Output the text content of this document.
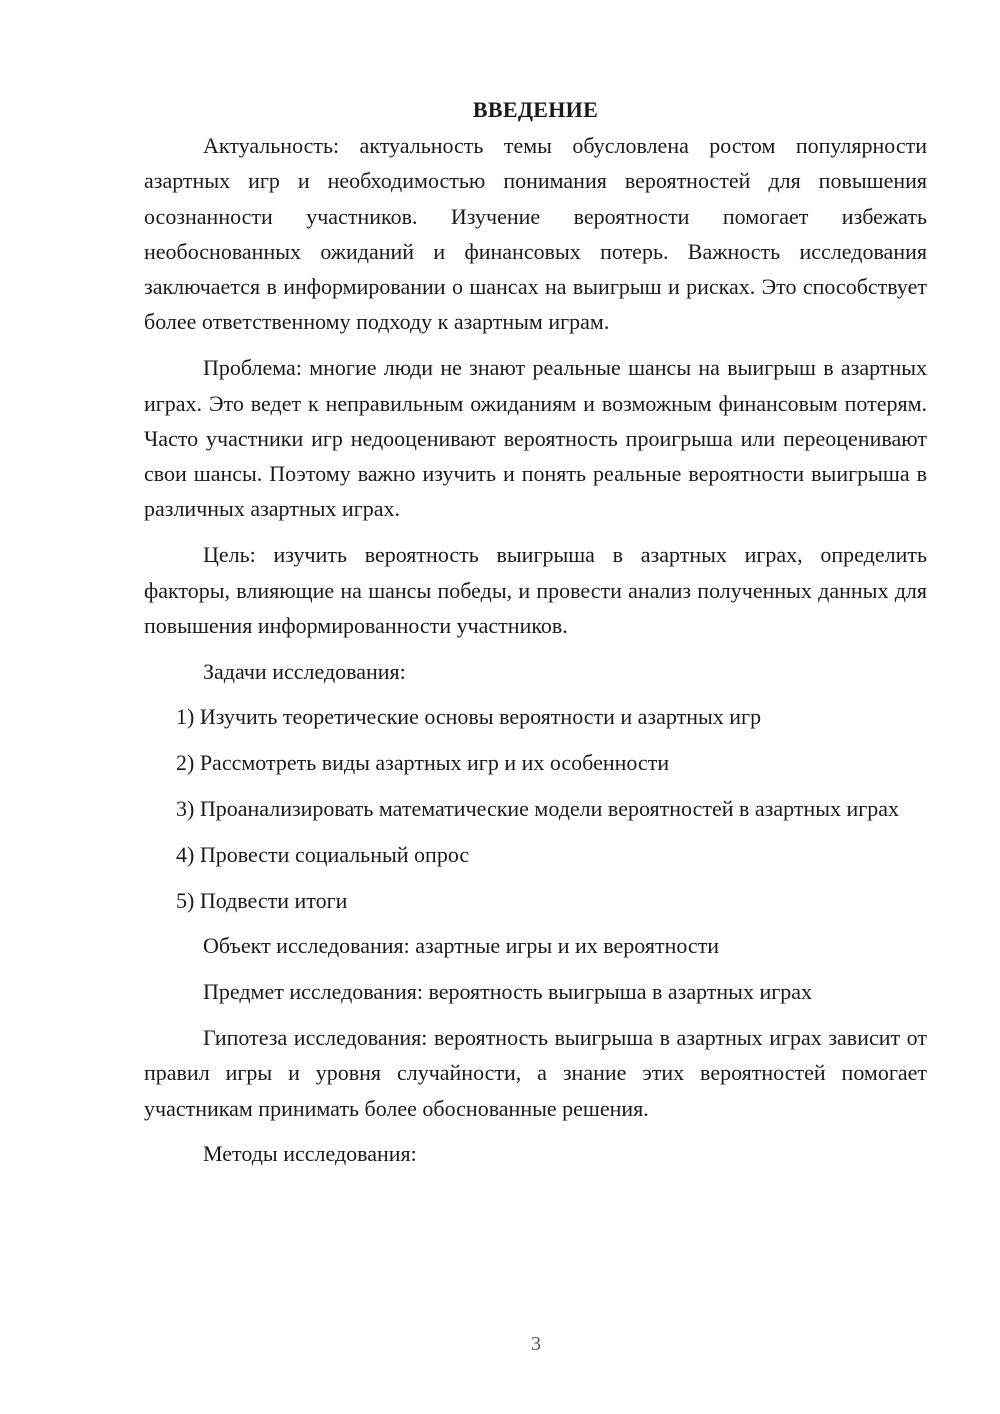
ВВЕДЕНИЕ

Актуальность: актуальность темы обусловлена ростом популярности азартных игр и необходимостью понимания вероятностей для повышения осознанности участников. Изучение вероятности помогает избежать необоснованных ожиданий и финансовых потерь. Важность исследования заключается в информировании о шансах на выигрыш и рисках. Это способствует более ответственному подходу к азартным играм.

Проблема: многие люди не знают реальные шансы на выигрыш в азартных играх. Это ведет к неправильным ожиданиям и возможным финансовым потерям. Часто участники игр недооценивают вероятность проигрыша или переоценивают свои шансы. Поэтому важно изучить и понять реальные вероятности выигрыша в различных азартных играх.

Цель: изучить вероятность выигрыша в азартных играх, определить факторы, влияющие на шансы победы, и провести анализ полученных данных для повышения информированности участников.

Задачи исследования:

1) Изучить теоретические основы вероятности и азартных игр

2) Рассмотреть виды азартных игр и их особенности

3) Проанализировать математические модели вероятностей в азартных играх

4) Провести социальный опрос

5) Подвести итоги

Объект исследования: азартные игры и их вероятности

Предмет исследования: вероятность выигрыша в азартных играх

Гипотеза исследования: вероятность выигрыша в азартных играх зависит от правил игры и уровня случайности, а знание этих вероятностей помогает участникам принимать более обоснованные решения.

Методы исследования:

3
